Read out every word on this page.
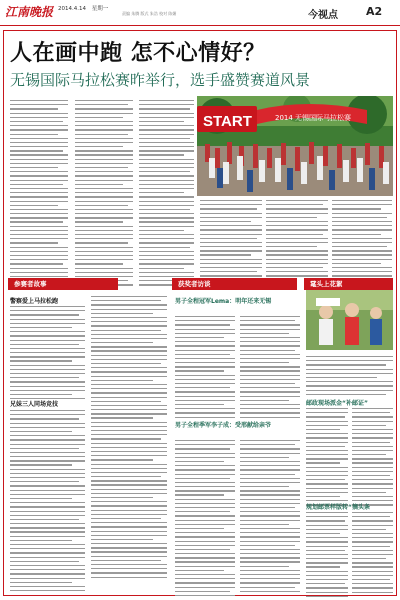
江南晚报 2014.4.14 星期一
责编 朱腾 版式 朱浩 校对 陈媚	今视点	A2
人在画中跑 怎不心情好？
无锡国际马拉松赛昨举行，选手盛赞赛道风景
START	2014 无锡国际马拉松赛
参赛者故事	获奖者访谈	鼋头上花絮
警察爱上马拉松跑
兄妹三人同场竞技
男子全程冠军Lema：明年还来无锡
男子全程季军李子成：受邢献给亲爷
邮政现场派金“补邮证”
规划邮票样版转“摘头条
